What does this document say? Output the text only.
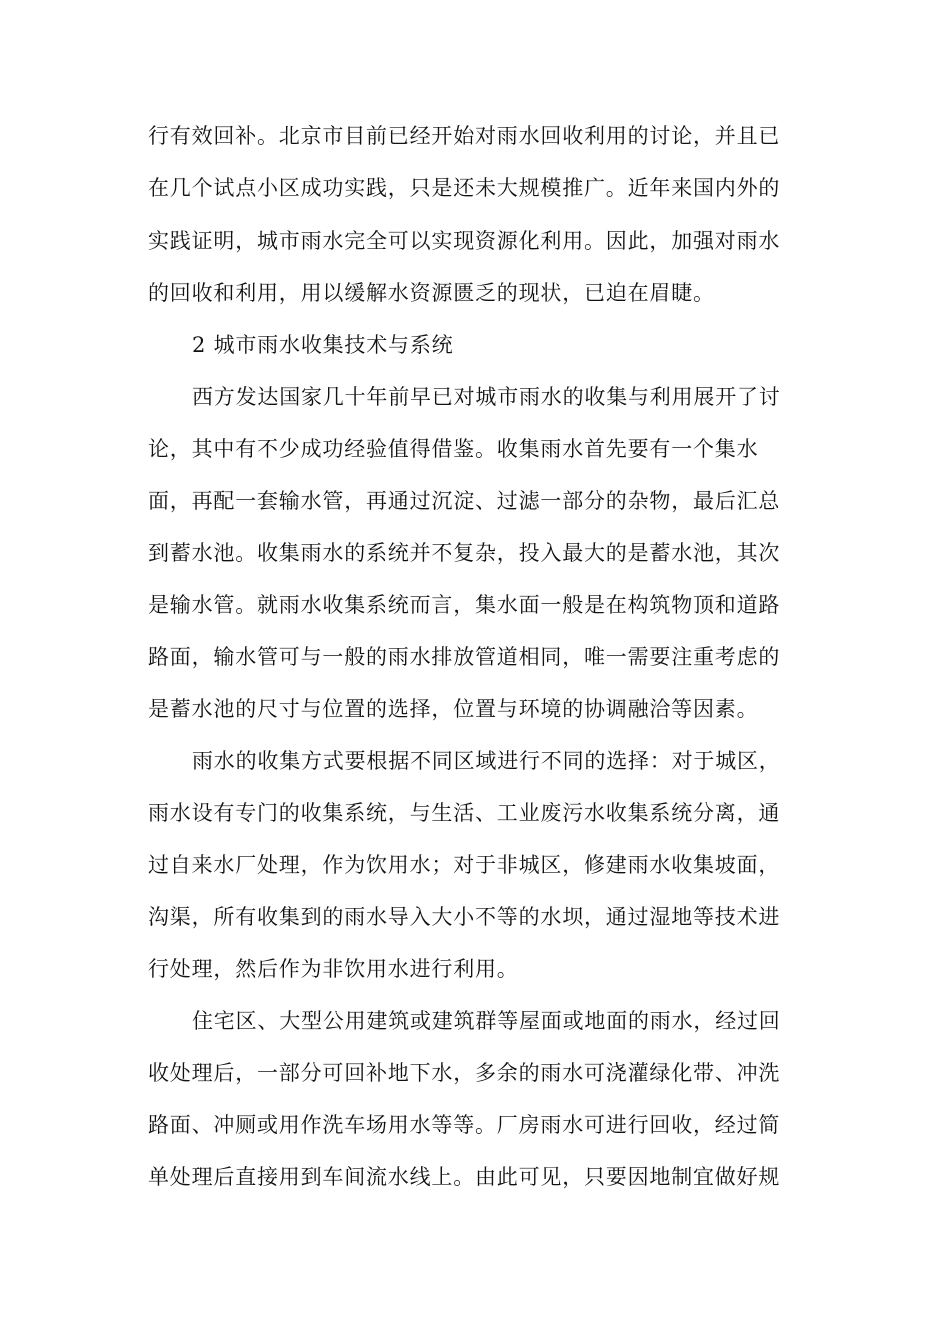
行有效回补。北京市目前已经开始对雨水回收利用的讨论，并且已
在几个试点小区成功实践，只是还未大规模推广。近年来国内外的
实践证明，城市雨水完全可以实现资源化利用。因此，加强对雨水
的回收和利用，用以缓解水资源匮乏的现状，已迫在眉睫。
2 城市雨水收集技术与系统
西方发达国家几十年前早已对城市雨水的收集与利用展开了讨
论，其中有不少成功经验值得借鉴。收集雨水首先要有一个集水
面，再配一套输水管，再通过沉淀、过滤一部分的杂物，最后汇总
到蓄水池。收集雨水的系统并不复杂，投入最大的是蓄水池，其次
是输水管。就雨水收集系统而言，集水面一般是在构筑物顶和道路
路面，输水管可与一般的雨水排放管道相同，唯一需要注重考虑的
是蓄水池的尺寸与位置的选择，位置与环境的协调融洽等因素。
雨水的收集方式要根据不同区域进行不同的选择：对于城区，
雨水设有专门的收集系统，与生活、工业废污水收集系统分离，通
过自来水厂处理，作为饮用水；对于非城区，修建雨水收集坡面，
沟渠，所有收集到的雨水导入大小不等的水坝，通过湿地等技术进
行处理，然后作为非饮用水进行利用。
住宅区、大型公用建筑或建筑群等屋面或地面的雨水，经过回
收处理后，一部分可回补地下水，多余的雨水可浇灌绿化带、冲洗
路面、冲厕或用作洗车场用水等等。厂房雨水可进行回收，经过简
单处理后直接用到车间流水线上。由此可见，只要因地制宜做好规
